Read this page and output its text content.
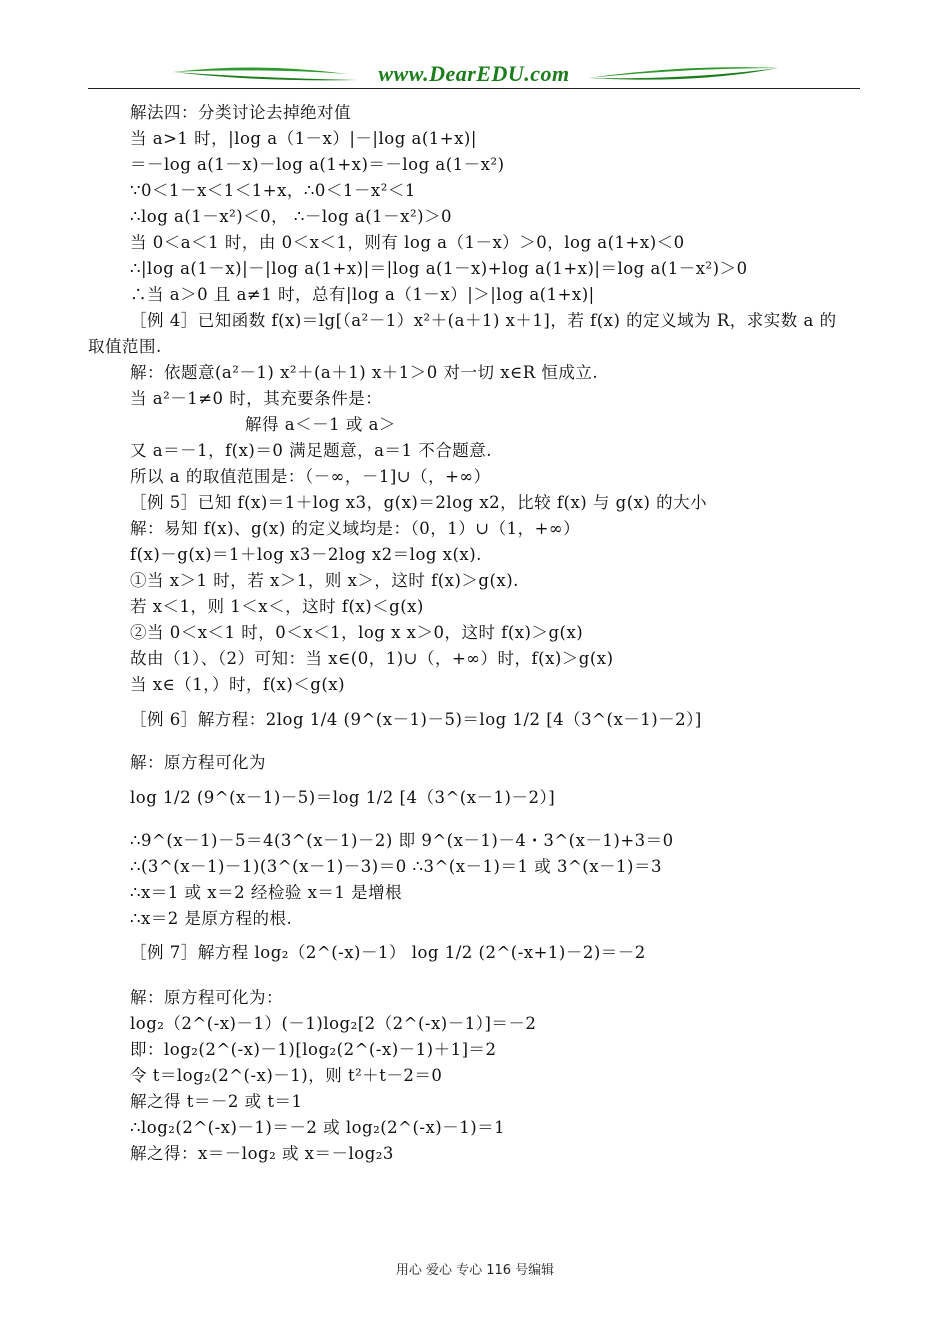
www.DearEDU.com
解法四：分类讨论去掉绝对值
当 a>1 时，|log a（1－x）|－|log a(1+x)|
＝－log a(1－x)－log a(1+x)＝－log a(1－x²)
∵0＜1－x＜1＜1+x，∴0＜1－x²＜1
∴log a(1－x²)＜0， ∴－log a(1－x²)＞0
当 0＜a＜1 时，由 0＜x＜1，则有 log a（1－x）＞0，log a(1+x)＜0
∴|log a(1－x)|－|log a(1+x)|＝|log a(1－x)+log a(1+x)|＝log a(1－x²)＞0
∴当 a＞0 且 a≠1 时，总有|log a（1－x）|＞|log a(1+x)|
［例 4］已知函数 f(x)＝lg[（a²－1）x²＋(a＋1) x＋1]，若 f(x) 的定义域为 R，求实数 a 的
取值范围.
解：依题意(a²－1) x²＋(a＋1) x＋1＞0 对一切 x∈R 恒成立.
当 a²－1≠0 时，其充要条件是：
解得 a＜－1 或 a＞
又 a＝－1，f(x)＝0 满足题意，a＝1 不合题意.
所以 a 的取值范围是：（－∞，－1]∪（，+∞）
［例 5］已知 f(x)＝1＋log x3，g(x)＝2log x2，比较 f(x) 与 g(x) 的大小
解：易知 f(x)、g(x) 的定义域均是：（0，1）∪（1，+∞）
f(x)－g(x)＝1＋log x3－2log x2＝log x(x).
①当 x＞1 时，若 x＞1，则 x＞，这时 f(x)＞g(x).
若 x＜1，则 1＜x＜，这时 f(x)＜g(x)
②当 0＜x＜1 时，0＜x＜1，log x x＞0，这时 f(x)＞g(x)
故由（1）、（2）可知：当 x∈(0，1)∪（，+∞）时，f(x)＞g(x)
当 x∈（1，）时，f(x)＜g(x)
［例 6］解方程：2log 1/4 (9^(x－1)－5)＝log 1/2 [4（3^(x－1)－2）]
解：原方程可化为
log 1/2 (9^(x－1)－5)＝log 1/2 [4（3^(x－1)－2）]
∴9^(x－1)－5＝4(3^(x－1)－2) 即 9^(x－1)－4・3^(x－1)+3＝0
∴(3^(x－1)－1)(3^(x－1)－3)＝0 ∴3^(x－1)＝1 或 3^(x－1)＝3
∴x＝1 或 x＝2 经检验 x＝1 是增根
∴x＝2 是原方程的根.
［例 7］解方程 log₂（2^(-x)－1） log 1/2 (2^(-x+1)－2)＝－2
解：原方程可化为：
log₂（2^(-x)－1）(－1)log₂[2（2^(-x)－1）]＝－2
即：log₂(2^(-x)－1)[log₂(2^(-x)－1)＋1]＝2
令 t＝log₂(2^(-x)－1)，则 t²＋t－2＝0
解之得 t＝－2 或 t＝1
∴log₂(2^(-x)－1)＝－2 或 log₂(2^(-x)－1)＝1
解之得：x＝－log₂ 或 x＝－log₂3
用心 爱心 专心 116 号编辑
